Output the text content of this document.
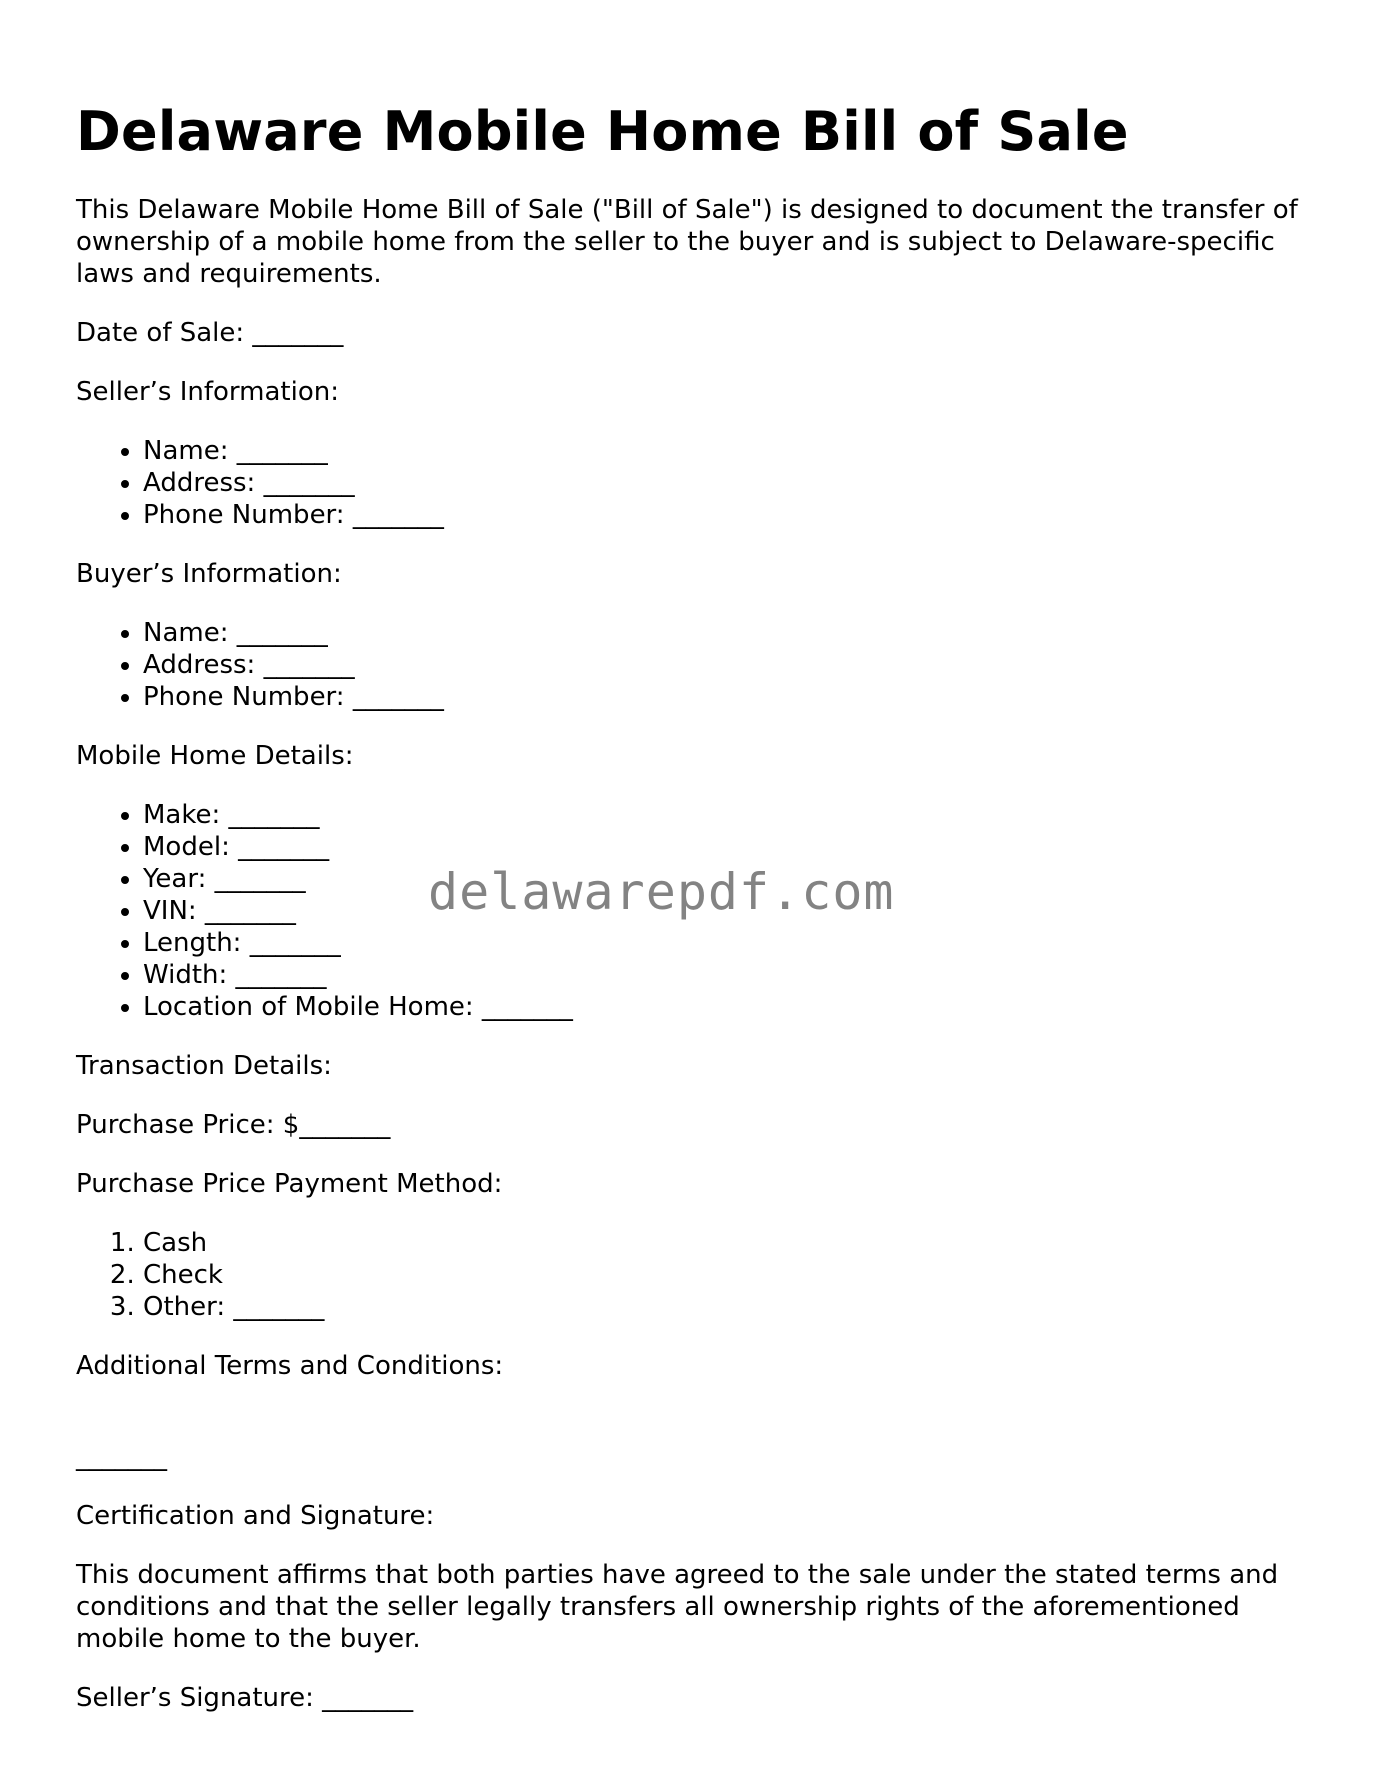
Delaware Mobile Home Bill of Sale

This Delaware Mobile Home Bill of Sale ("Bill of Sale") is designed to document the transfer of ownership of a mobile home from the seller to the buyer and is subject to Delaware-specific laws and requirements.

Date of Sale: _______

Seller’s Information:

• Name: _______
• Address: _______
• Phone Number: _______

Buyer’s Information:

• Name: _______
• Address: _______
• Phone Number: _______

Mobile Home Details:

• Make: _______
• Model: _______
• Year: _______
• VIN: _______
• Length: _______
• Width: _______
• Location of Mobile Home: _______

Transaction Details:

Purchase Price: $_______

Purchase Price Payment Method:

1. Cash
2. Check
3. Other: _______

Additional Terms and Conditions:

_______

Certification and Signature:

This document affirms that both parties have agreed to the sale under the stated terms and conditions and that the seller legally transfers all ownership rights of the aforementioned mobile home to the buyer.

Seller’s Signature: _______

delawarepdf.com
